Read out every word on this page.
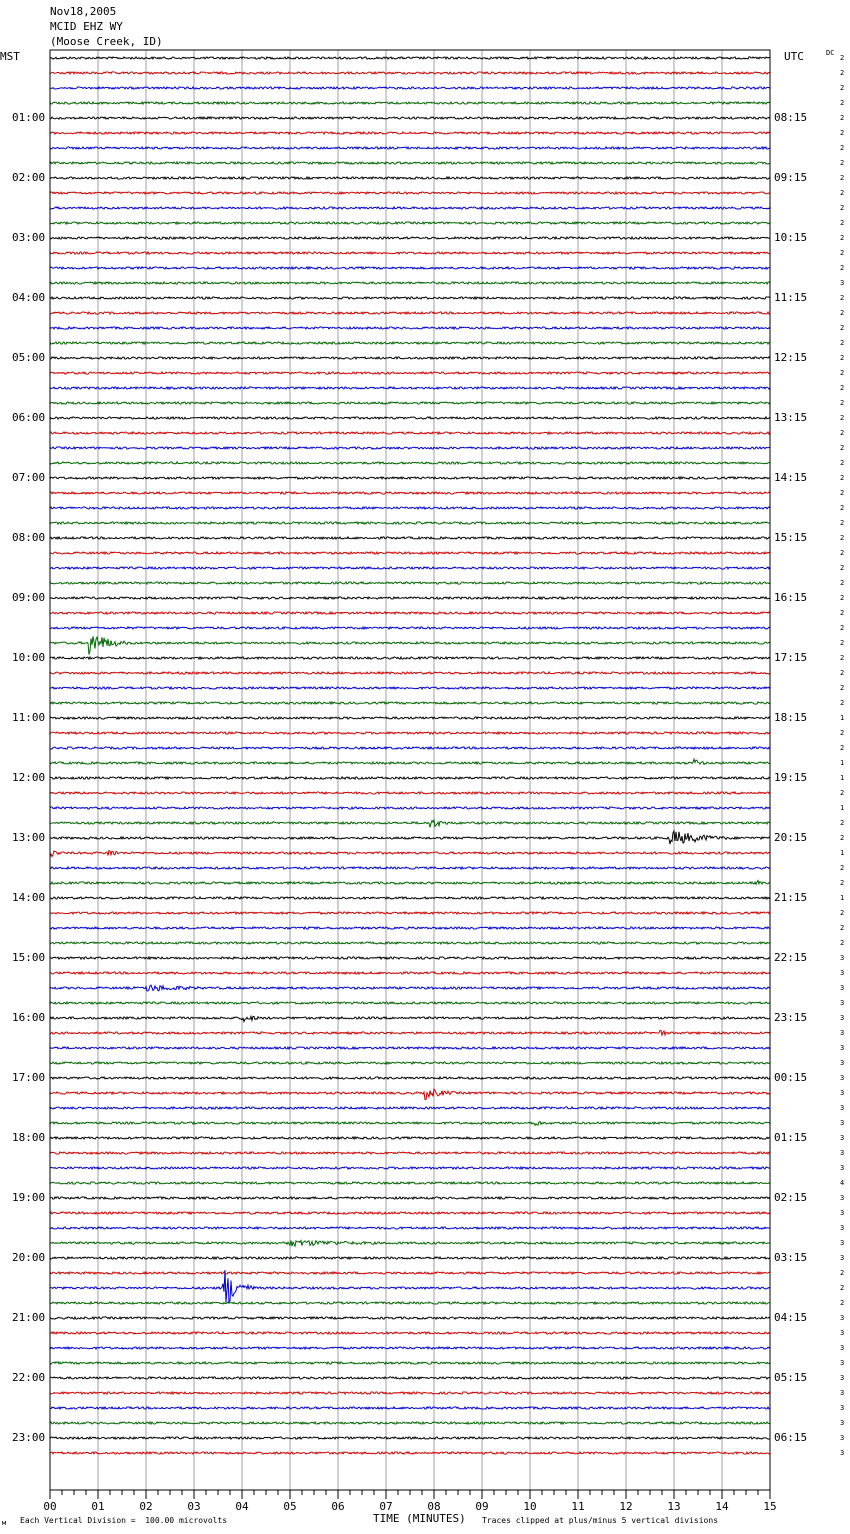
00	01	02	03	04	05	06	07	08	09	10	11	12	13	14	15
Nov18,2005
MCID EHZ WY
(Moose Creek, ID)
MST	UTC	DC
01:00
02:00
03:00
04:00
05:00
06:00
07:00
08:00
09:00
10:00
11:00
12:00
13:00
14:00
15:00
16:00
17:00
18:00
19:00
20:00
21:00
22:00
23:00
08:15
09:15
10:15
11:15
12:15
13:15
14:15
15:15
16:15
17:15
18:15
19:15
20:15
21:15
22:15
23:15
00:15
01:15
02:15
03:15
04:15
05:15
06:15
2
2
2
2
2
2
2
2
2
2
2
2
2
2
2
3
2
2
2
2
2
2
2
2
2
2
2
2
2
2
2
2
2
2
2
2
2
2
2
2
2
2
2
2
1
2
2
1
1
2
1
2
2
1
2
2
1
2
2
2
3
3
3
3
3
3
3
3
3
3
3
3
3
3
3
4
3
3
3
3
3
2
2
2
3
3
3
3
3
3
3
3
3
3
м Each Vertical Division =  100.00 microvolts	TIME (MINUTES) Traces clipped at plus/minus 5 vertical divisions
